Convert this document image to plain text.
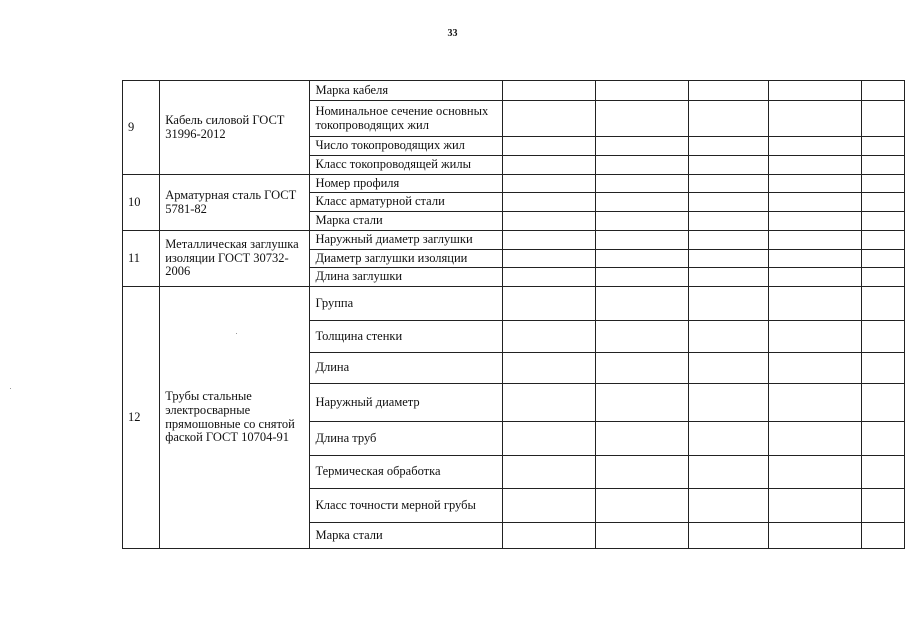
33
9	Кабель силовой ГОСТ 31996-2012	Марка кабеля					
		Номинальное сечение основных токопроводящих жил					
		Число токопроводящих жил					
		Класс токопроводящей жилы					
10	Арматурная сталь ГОСТ 5781-82	Номер профиля					
		Класс арматурной стали					
		Марка стали					
11	Металлическая заглушка изоляции ГОСТ 30732-2006	Наружный диаметр заглушки					
		Диаметр заглушки изоляции					
		Длина заглушки					
12	Трубы стальные электросварные прямошовные со снятой фаской ГОСТ 10704-91	Группа					
		Толщина стенки					
		Длина					
		Наружный диаметр					
		Длина труб					
		Термическая обработка					
		Класс точности мерной грубы					
		Марка стали					
